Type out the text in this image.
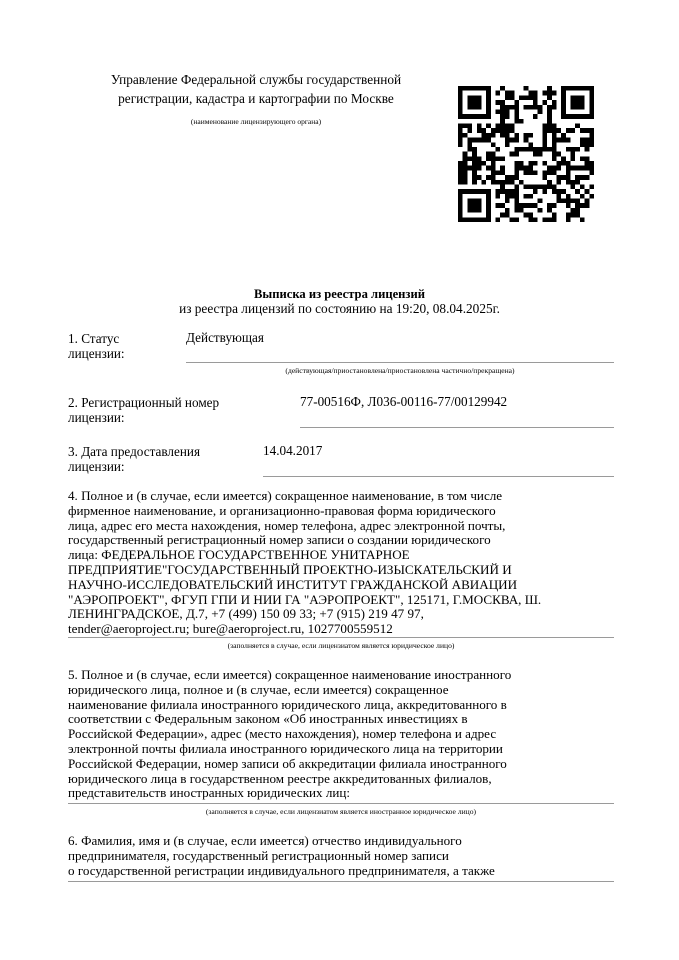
Управление Федеральной службы государственной
регистрации, кадастра и картографии по Москве
(наименование лицензирующего органа)
Выписка из реестра лицензий
из реестра лицензий по состоянию на 19:20, 08.04.2025г.
1. Статус
лицензии:
Действующая
(действующая/приостановлена/приостановлена частично/прекращена)
2. Регистрационный номер
лицензии:
77-00516Ф, Л036-00116-77/00129942
3. Дата предоставления
лицензии:
14.04.2017
4. Полное и (в случае, если имеется) сокращенное наименование, в том числе
фирменное наименование, и организационно-правовая форма юридического
лица, адрес его места нахождения, номер телефона, адрес электронной почты,
государственный регистрационный номер записи о создании юридического
лица: ФЕДЕРАЛЬНОЕ ГОСУДАРСТВЕННОЕ УНИТАРНОЕ
ПРЕДПРИЯТИЕ"ГОСУДАРСТВЕННЫЙ ПРОЕКТНО-ИЗЫСКАТЕЛЬСКИЙ И
НАУЧНО-ИССЛЕДОВАТЕЛЬСКИЙ ИНСТИТУТ ГРАЖДАНСКОЙ АВИАЦИИ
"АЭРОПРОЕКТ", ФГУП ГПИ И НИИ ГА "АЭРОПРОЕКТ", 125171, Г.МОСКВА, Ш.
ЛЕНИНГРАДСКОЕ, Д.7, +7 (499) 150 09 33; +7 (915) 219 47 97,
tender@aeroproject.ru; bure@aeroproject.ru, 1027700559512
(заполняется в случае, если лицензиатом является юридическое лицо)
5. Полное и (в случае, если имеется) сокращенное наименование иностранного
юридического лица, полное и (в случае, если имеется) сокращенное
наименование филиала иностранного юридического лица, аккредитованного в
соответствии с Федеральным законом «Об иностранных инвестициях в
Российской Федерации», адрес (место нахождения), номер телефона и адрес
электронной почты филиала иностранного юридического лица на территории
Российской Федерации, номер записи об аккредитации филиала иностранного
юридического лица в государственном реестре аккредитованных филиалов,
представительств иностранных юридических лиц:
(заполняется в случае, если лицензиатом является иностранное юридическое лицо)
6. Фамилия, имя и (в случае, если имеется) отчество индивидуального
предпринимателя, государственный регистрационный номер записи
о государственной регистрации индивидуального предпринимателя, а также
